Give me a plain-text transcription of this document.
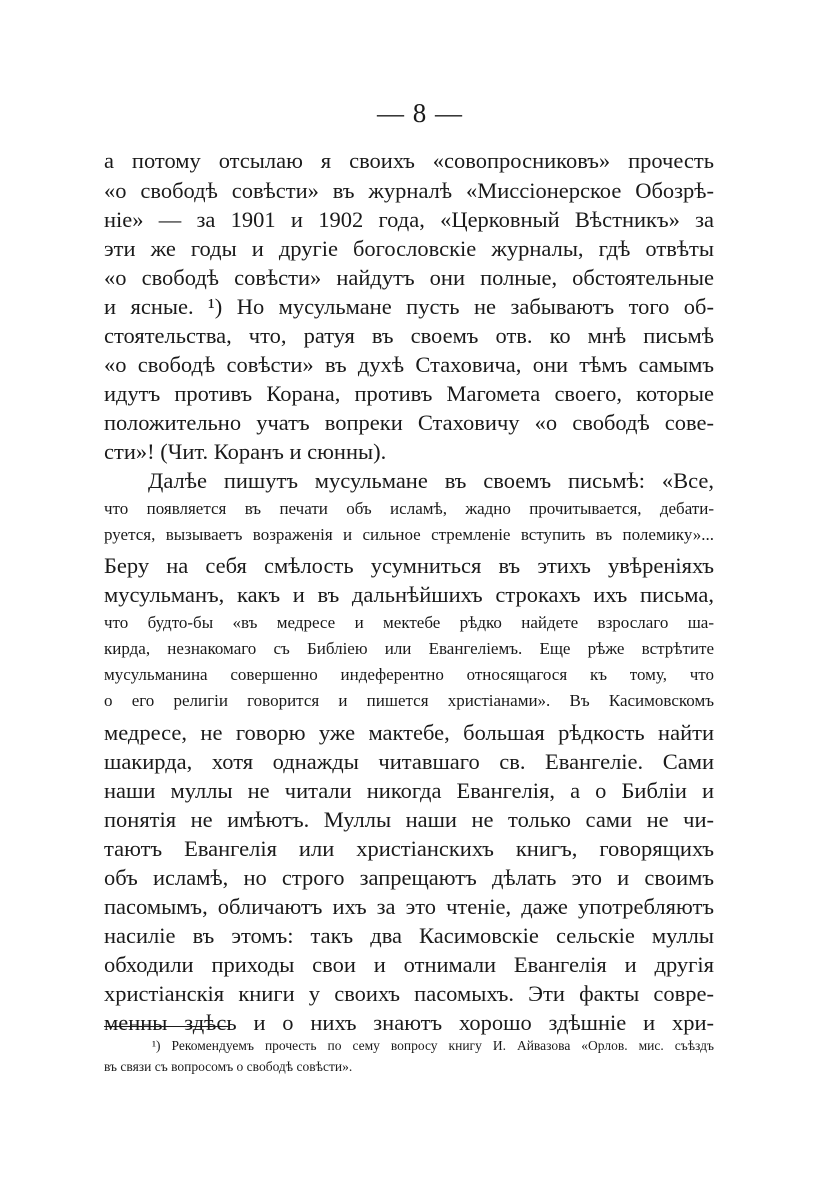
— 8 —
а потому отсылаю я своихъ «совопросниковъ» прочесть
«о свободѣ совѣсти» въ журналѣ «Миссiонерское Обозрѣ-
нiе» — за 1901 и 1902 года, «Церковный Вѣстникъ» за
эти же годы и другiе богословскiе журналы, гдѣ отвѣты
«о свободѣ совѣсти» найдутъ они полные, обстоятельные
и ясные. ¹) Но мусульмане пусть не забываютъ того об-
стоятельства, что, ратуя въ своемъ отв. ко мнѣ письмѣ
«о свободѣ совѣсти» въ духѣ Стаховича, они тѣмъ самымъ
идутъ противъ Корана, противъ Магомета своего, которые
положительно учатъ вопреки Стаховичу «о свободѣ сове-
сти»! (Чит. Коранъ и сюнны).
Далѣе пишутъ мусульмане въ своемъ письмѣ: «Все,
что появляется въ печати объ исламѣ, жадно прочитывается, дебати-
руется, вызываетъ возраженiя и сильное стремленiе вступить въ полемику»...
Беру на себя смѣлость усумниться въ этихъ увѣренiяхъ
мусульманъ, какъ и въ дальнѣйшихъ строкахъ ихъ письма,
что будто-бы «въ медресе и мектебе рѣдко найдете взрослаго ша-
кирда, незнакомаго съ Библiею или Евангелiемъ. Еще рѣже встрѣтите
мусульманина совершенно индеферентно относящагося къ тому, что
о его религiи говорится и пишется христiанами». Въ Касимовскомъ
медресе, не говорю уже мактебе, большая рѣдкость найти
шакирда, хотя однажды читавшаго св. Евангелiе. Сами
наши муллы не читали никогда Евангелiя, а о Библiи и
понятiя не имѣютъ. Муллы наши не только сами не чи-
таютъ Евангелiя или христiанскихъ книгъ, говорящихъ
объ исламѣ, но строго запрещаютъ дѣлать это и своимъ
пасомымъ, обличаютъ ихъ за это чтенiе, даже употребляютъ
насилiе въ этомъ: такъ два Касимовскiе сельскiе муллы
обходили приходы свои и отнимали Евангелiя и другiя
христiанскiя книги у своихъ пасомыхъ. Эти факты совре-
менны здѣсь и о нихъ знаютъ хорошо здѣшнiе и хри-
¹) Рекомендуемъ прочесть по сему вопросу книгу И. Айвазова «Орлов. мис. съѣздъ
въ связи съ вопросомъ о свободѣ совѣсти».
